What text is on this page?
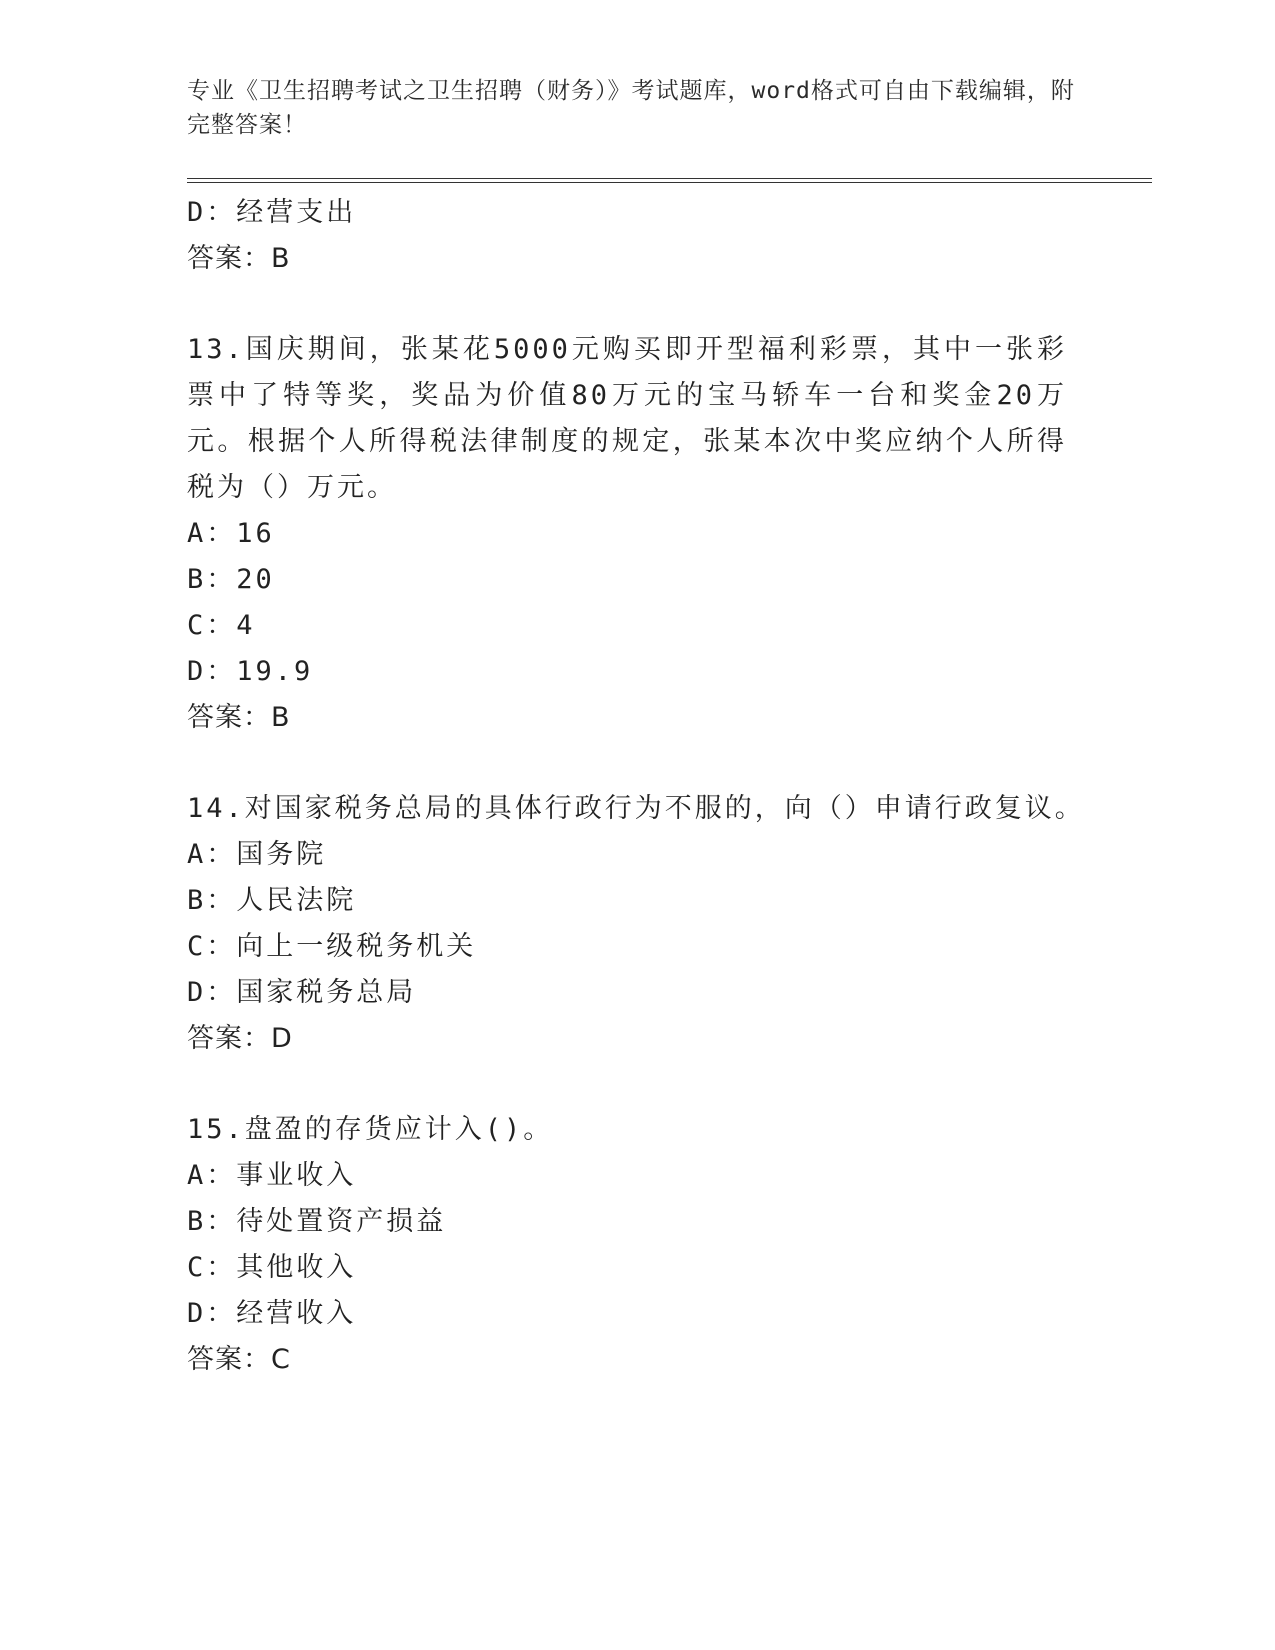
专业《卫生招聘考试之卫生招聘（财务）》考试题库，word格式可自由下载编辑，附完整答案！
D：经营支出
答案：B
13.国庆期间，张某花5000元购买即开型福利彩票，其中一张彩票中了特等奖，奖品为价值80万元的宝马轿车一台和奖金20万元。根据个人所得税法律制度的规定，张某本次中奖应纳个人所得税为（）万元。
A：16
B：20
C：4
D：19.9
答案：B
14.对国家税务总局的具体行政行为不服的，向（）申请行政复议。
A：国务院
B：人民法院
C：向上一级税务机关
D：国家税务总局
答案：D
15.盘盈的存货应计入()。
A：事业收入
B：待处置资产损益
C：其他收入
D：经营收入
答案：C
